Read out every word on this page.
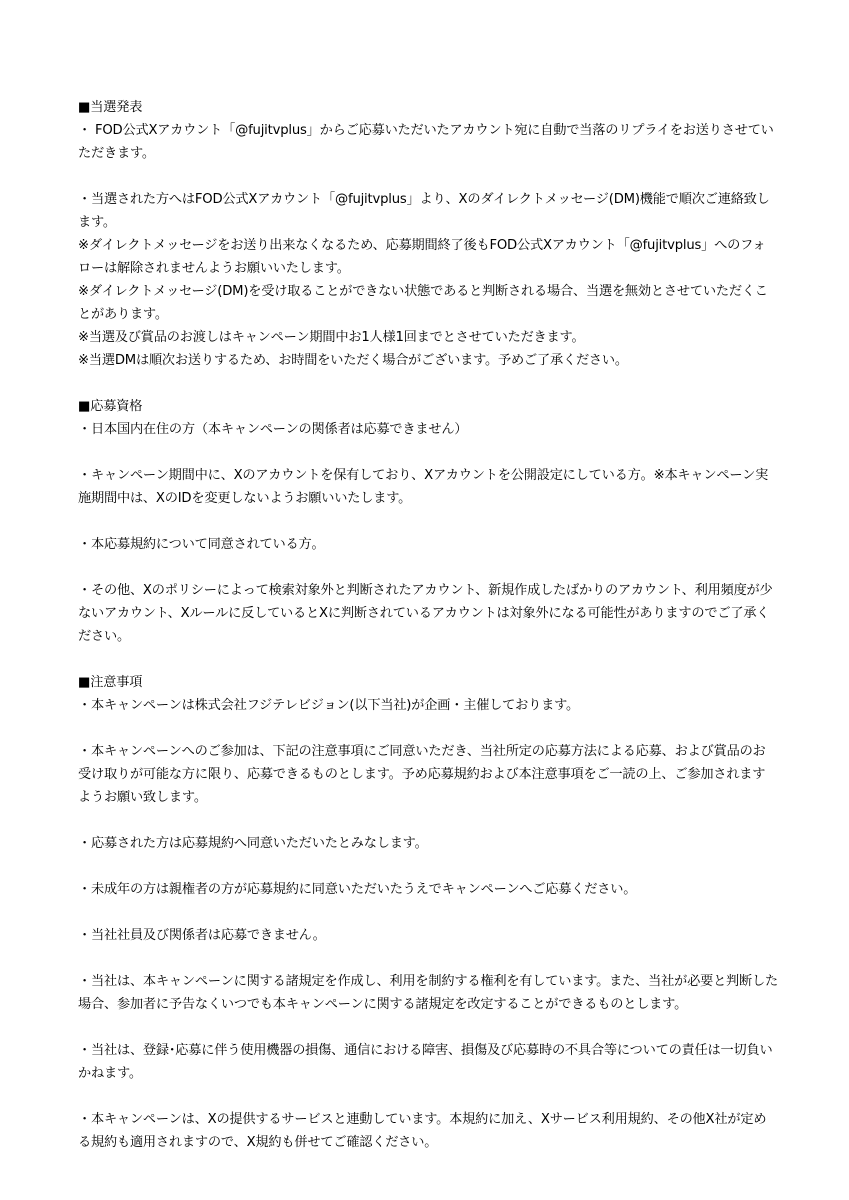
■当選発表

・ FOD公式Xアカウント「@fujitvplus」からご応募いただいたアカウント宛に自動で当落のリプライをお送りさせていただきます。

・当選された方へはFOD公式Xアカウント「@fujitvplus」より、Xのダイレクトメッセージ(DM)機能で順次ご連絡致します。

※ダイレクトメッセージをお送り出来なくなるため、応募期間終了後もFOD公式Xアカウント「@fujitvplus」へのフォローは解除されませんようお願いいたします。

※ダイレクトメッセージ(DM)を受け取ることができない状態であると判断される場合、当選を無効とさせていただくことがあります。

※当選及び賞品のお渡しはキャンペーン期間中お1人様1回までとさせていただきます。

※当選DMは順次お送りするため、お時間をいただく場合がございます。予めご了承ください。

■応募資格

・日本国内在住の方（本キャンペーンの関係者は応募できません）

・キャンペーン期間中に、Xのアカウントを保有しており、Xアカウントを公開設定にしている方。※本キャンペーン実施期間中は、XのIDを変更しないようお願いいたします。

・本応募規約について同意されている方。

・その他、Xのポリシーによって検索対象外と判断されたアカウント、新規作成したばかりのアカウント、利用頻度が少ないアカウント、Xルールに反しているとXに判断されているアカウントは対象外になる可能性がありますのでご了承ください。

■注意事項

・本キャンペーンは株式会社フジテレビジョン(以下当社)が企画・主催しております。

・本キャンペーンへのご参加は、下記の注意事項にご同意いただき、当社所定の応募方法による応募、および賞品のお受け取りが可能な方に限り、応募できるものとします。予め応募規約および本注意事項をご一読の上、ご参加されますようお願い致します。

・応募された方は応募規約へ同意いただいたとみなします。

・未成年の方は親権者の方が応募規約に同意いただいたうえでキャンペーンへご応募ください。

・当社社員及び関係者は応募できません。

・当社は、本キャンペーンに関する諸規定を作成し、利用を制約する権利を有しています。また、当社が必要と判断した場合、参加者に予告なくいつでも本キャンペーンに関する諸規定を改定することができるものとします。

・当社は、登録･応募に伴う使用機器の損傷、通信における障害、損傷及び応募時の不具合等についての責任は一切負いかねます。

・本キャンペーンは、Xの提供するサービスと連動しています。本規約に加え、Xサービス利用規約、その他X社が定める規約も適用されますので、X規約も併せてご確認ください。
